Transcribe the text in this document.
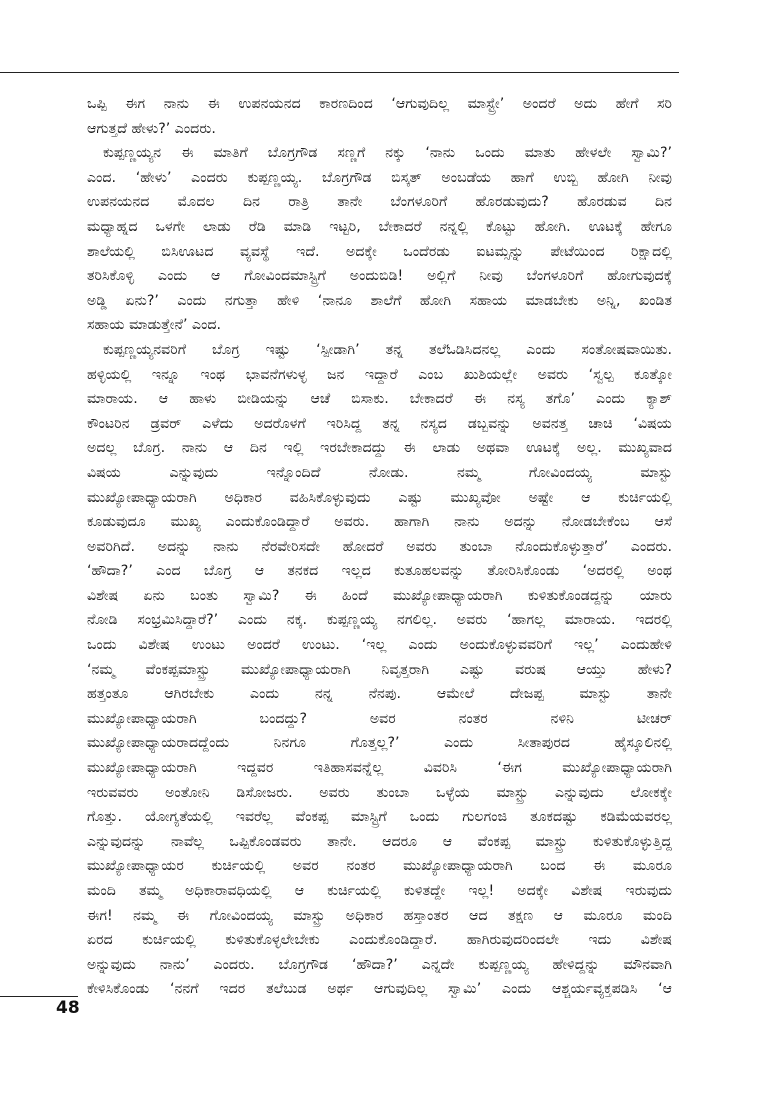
ಒಪ್ಪಿ ಈಗ ನಾನು ಈ ಉಪನಯನದ ಕಾರಣದಿಂದ ‘ಆಗುವುದಿಲ್ಲ ಮಾಸ್ಟ್ರೇ’ ಅಂದರೆ ಅದು ಹೇಗೆ ಸರಿ
ಆಗುತ್ತದೆ ಹೇಳು?’ ಎಂದರು.
ಕುಪ್ಪಣ್ಣಯ್ಯನ ಈ ಮಾತಿಗೆ ಬೊಗ್ರಗೌಡ ಸಣ್ಣಗೆ ನಕ್ಕು ‘ನಾನು ಒಂದು ಮಾತು ಹೇಳಲೇ ಸ್ವಾಮಿ?’
ಎಂದ. ‘ಹೇಳು’ ಎಂದರು ಕುಪ್ಪಣ್ಣಯ್ಯ. ಬೊಗ್ರಗೌಡ ಬಿಸ್ಕತ್ ಅಂಬಡೆಯ ಹಾಗೆ ಉಬ್ಬಿ ಹೋಗಿ ನೀವು
ಉಪನಯನದ ಮೊದಲ ದಿನ ರಾತ್ರಿ ತಾನೇ ಬೆಂಗಳೂರಿಗೆ ಹೊರಡುವುದು? ಹೊರಡುವ ದಿನ
ಮಧ್ಯಾಹ್ನದ ಒಳಗೇ ಲಾಡು ರೆಡಿ ಮಾಡಿ ಇಟ್ಟರಿ, ಬೇಕಾದರೆ ನನ್ನಲ್ಲಿ ಕೊಟ್ಟು ಹೋಗಿ. ಊಟಕ್ಕೆ ಹೇಗೂ
ಶಾಲೆಯಲ್ಲಿ ಬಿಸಿಊಟದ ವ್ಯವಸ್ಥೆ ಇದೆ. ಅದಕ್ಕೇ ಒಂದೆರಡು ಐಟಮ್ಸನ್ನು ಪೇಟೆಯಿಂದ ರಿಕ್ಷಾದಲ್ಲಿ
ತರಿಸಿಕೊಳ್ಳಿ ಎಂದು ಆ ಗೋವಿಂದಮಾಸ್ಟ್ರಿಗೆ ಅಂದುಬಿಡಿ! ಅಲ್ಲಿಗೆ ನೀವು ಬೆಂಗಳೂರಿಗೆ ಹೋಗುವುದಕ್ಕೆ
ಅಡ್ಡಿ ಏನು?’ ಎಂದು ನಗುತ್ತಾ ಹೇಳಿ ‘ನಾನೂ ಶಾಲೆಗೆ ಹೋಗಿ ಸಹಾಯ ಮಾಡಬೇಕು ಅನ್ನಿ, ಖಂಡಿತ
ಸಹಾಯ ಮಾಡುತ್ತೇನೆ’ ಎಂದ.
ಕುಪ್ಪಣ್ಣಯ್ಯನವರಿಗೆ ಬೊಗ್ರ ಇಷ್ಟು ‘ಸ್ಪೀಡಾಗಿ’ ತನ್ನ ತಲೆಓಡಿಸಿದನಲ್ಲ ಎಂದು ಸಂತೋಷವಾಯಿತು.
ಹಳ್ಳಿಯಲ್ಲಿ ಇನ್ನೂ ಇಂಥ ಭಾವನೆಗಳುಳ್ಳ ಜನ ಇದ್ದಾರೆ ಎಂಬ ಖುಶಿಯಲ್ಲೇ ಅವರು ‘ಸ್ವಲ್ಪ ಕೂತ್ಕೋ
ಮಾರಾಯ. ಆ ಹಾಳು ಬೀಡಿಯನ್ನು ಆಚೆ ಬಿಸಾಕು. ಬೇಕಾದರೆ ಈ ನಸ್ಯ ತಗೊ’ ಎಂದು ಕ್ಯಾಶ್
ಕೌಂಟರಿನ ಡ್ರವರ್ ಎಳೆದು ಅದರೊಳಗೆ ಇರಿಸಿದ್ದ ತನ್ನ ನಸ್ಯದ ಡಬ್ಬವನ್ನು ಅವನತ್ತ ಚಾಚಿ ‘ವಿಷಯ
ಅದಲ್ಲ ಬೊಗ್ರ. ನಾನು ಆ ದಿನ ಇಲ್ಲಿ ಇರಬೇಕಾದದ್ದು ಈ ಲಾಡು ಅಥವಾ ಊಟಕ್ಕೆ ಅಲ್ಲ. ಮುಖ್ಯವಾದ
ವಿಷಯ ಎನ್ನುವುದು ಇನ್ನೊಂದಿದೆ ನೋಡು. ನಮ್ಮ ಗೋವಿಂದಯ್ಯ ಮಾಸ್ಟು
ಮುಖ್ಯೋಪಾಧ್ಯಾಯರಾಗಿ ಅಧಿಕಾರ ವಹಿಸಿಕೊಳ್ಳುವುದು ಎಷ್ಟು ಮುಖ್ಯವೋ ಅಷ್ಟೇ ಆ ಕುರ್ಚಿಯಲ್ಲಿ
ಕೂಡುವುದೂ ಮುಖ್ಯ ಎಂದುಕೊಂಡಿದ್ದಾರೆ ಅವರು. ಹಾಗಾಗಿ ನಾನು ಅದನ್ನು ನೋಡಬೇಕೆಂಬ ಆಸೆ
ಅವರಿಗಿದೆ. ಅದನ್ನು ನಾನು ನೆರವೇರಿಸದೇ ಹೋದರೆ ಅವರು ತುಂಬಾ ನೊಂದುಕೊಳ್ಳುತ್ತಾರೆ’ ಎಂದರು.
‘ಹೌದಾ?’ ಎಂದ ಬೊಗ್ರ ಆ ತನಕದ ಇಲ್ಲದ ಕುತೂಹಲವನ್ನು ತೋರಿಸಿಕೊಂಡು ‘ಅದರಲ್ಲಿ ಅಂಥ
ವಿಶೇಷ ಏನು ಬಂತು ಸ್ವಾಮಿ? ಈ ಹಿಂದೆ ಮುಖ್ಯೋಪಾಧ್ಯಾಯರಾಗಿ ಕುಳಿತುಕೊಂಡದ್ದನ್ನು ಯಾರು
ನೋಡಿ ಸಂಭ್ರಮಿಸಿದ್ದಾರೆ?’ ಎಂದು ನಕ್ಕ. ಕುಪ್ಪಣ್ಣಯ್ಯ ನಗಲಿಲ್ಲ. ಅವರು ‘ಹಾಗಲ್ಲ ಮಾರಾಯ. ಇದರಲ್ಲಿ
ಒಂದು ವಿಶೇಷ ಉಂಟು ಅಂದರೆ ಉಂಟು. ‘ಇಲ್ಲ ಎಂದು ಅಂದುಕೊಳ್ಳುವವರಿಗೆ ಇಲ್ಲ’ ಎಂದುಹೇಳಿ
‘ನಮ್ಮ ವೆಂಕಪ್ಪಮಾಸ್ಟ್ರು ಮುಖ್ಯೋಪಾಧ್ಯಾಯರಾಗಿ ನಿವೃತ್ತರಾಗಿ ಎಷ್ಟು ವರುಷ ಆಯ್ತು ಹೇಳು?
ಹತ್ತಂತೂ ಆಗಿರಬೇಕು ಎಂದು ನನ್ನ ನೆನಪು. ಆಮೇಲೆ ದೇಜಪ್ಪ ಮಾಸ್ಟು ತಾನೇ
ಮುಖ್ಯೋಪಾಧ್ಯಾಯರಾಗಿ ಬಂದದ್ದು? ಅವರ ನಂತರ ನಳಿನಿ ಟೀಚರ್
ಮುಖ್ಯೋಪಾಧ್ಯಾಯರಾದದ್ದೆಂದು ನಿನಗೂ ಗೊತ್ತಲ್ಲ?’ ಎಂದು ಸೀತಾಪುರದ ಹೈಸ್ಕೂಲಿನಲ್ಲಿ
ಮುಖ್ಯೋಪಾಧ್ಯಾಯರಾಗಿ ಇದ್ದವರ ಇತಿಹಾಸವನ್ನೆಲ್ಲ ವಿವರಿಸಿ ‘ಈಗ ಮುಖ್ಯೋಪಾಧ್ಯಾಯರಾಗಿ
ಇರುವವರು ಅಂತೋನಿ ಡಿಸೋಜರು. ಅವರು ತುಂಬಾ ಒಳ್ಳೆಯ ಮಾಸ್ಟ್ರು ಎನ್ನುವುದು ಲೋಕಕ್ಕೇ
ಗೊತ್ತು. ಯೋಗ್ಯತೆಯಲ್ಲಿ ಇವರೆಲ್ಲ ವೆಂಕಪ್ಪ ಮಾಸ್ಟ್ರಿಗೆ ಒಂದು ಗುಲಗಂಜಿ ತೂಕದಷ್ಟು ಕಡಿಮೆಯವರಲ್ಲ
ಎನ್ನುವುದನ್ನು ನಾವೆಲ್ಲ ಒಪ್ಪಿಕೊಂಡವರು ತಾನೇ. ಆದರೂ ಆ ವೆಂಕಪ್ಪ ಮಾಸ್ಟ್ರು ಕುಳಿತುಕೊಳ್ಳುತ್ತಿದ್ದ
ಮುಖ್ಯೋಪಾಧ್ಯಾಯರ ಕುರ್ಚಿಯಲ್ಲಿ ಅವರ ನಂತರ ಮುಖ್ಯೋಪಾಧ್ಯಾಯರಾಗಿ ಬಂದ ಈ ಮೂರೂ
ಮಂದಿ ತಮ್ಮ ಅಧಿಕಾರಾವಧಿಯಲ್ಲಿ ಆ ಕುರ್ಚಿಯಲ್ಲಿ ಕುಳಿತದ್ದೇ ಇಲ್ಲ! ಅದಕ್ಕೇ ವಿಶೇಷ ಇರುವುದು
ಈಗ! ನಮ್ಮ ಈ ಗೋವಿಂದಯ್ಯ ಮಾಸ್ಟ್ರು ಅಧಿಕಾರ ಹಸ್ತಾಂತರ ಆದ ತಕ್ಷಣ ಆ ಮೂರೂ ಮಂದಿ
ಏರದ ಕುರ್ಚಿಯಲ್ಲಿ ಕುಳಿತುಕೊಳ್ಳಲೇಬೇಕು ಎಂದುಕೊಂಡಿದ್ದಾರೆ. ಹಾಗಿರುವುದರಿಂದಲೇ ಇದು ವಿಶೇಷ
ಅನ್ನುವುದು ನಾನು’ ಎಂದರು. ಬೊಗ್ರಗೌಡ ‘ಹೌದಾ?’ ಎನ್ನದೇ ಕುಪ್ಪಣ್ಣಯ್ಯ ಹೇಳಿದ್ದನ್ನು ಮೌನವಾಗಿ
ಕೇಳಿಸಿಕೊಂಡು ‘ನನಗೆ ಇದರ ತಲೆಬುಡ ಅರ್ಥ ಆಗುವುದಿಲ್ಲ ಸ್ವಾಮಿ’ ಎಂದು ಆಶ್ಚರ್ಯವ್ಯಕ್ತಪಡಿಸಿ ‘ಆ
48
